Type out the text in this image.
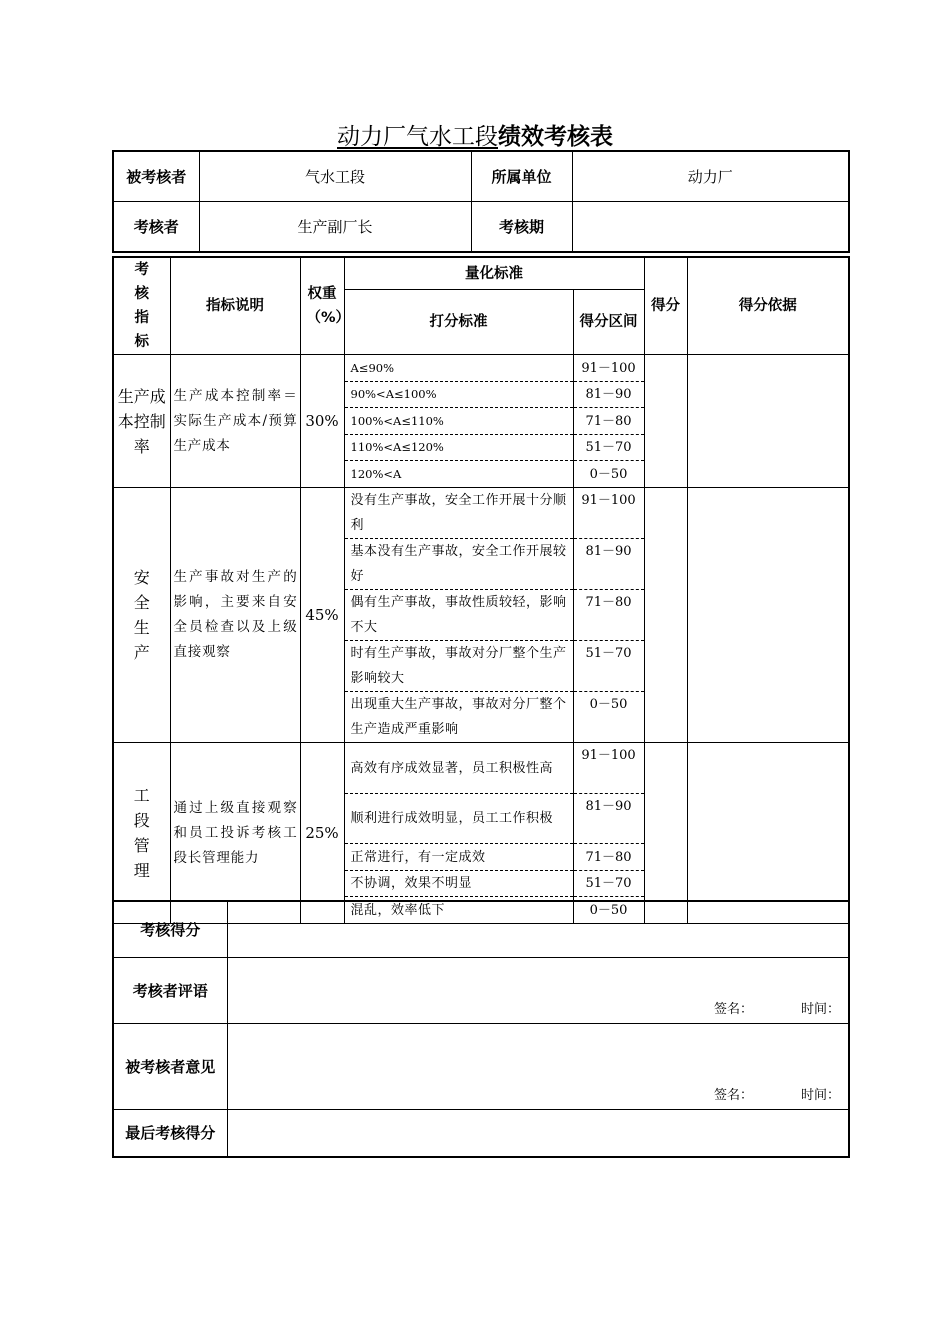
动力厂气水工段绩效考核表
被考核者	气水工段	所属单位	动力厂
考核者	生产副厂长	考核期	
考核指标	指标说明	权重（%）	量化标准		得分	得分依据
			打分标准	得分区间		
生产成本控制率	生产成本控制率＝实际生产成本/预算生产成本	30%	A≤90%	91－100		
			90%<A≤100%	81－90		
			100%<A≤110%	71－80		
			110%<A≤120%	51－70		
			120%<A	0－50		
安全生产	生产事故对生产的影响，主要来自安全员检查以及上级直接观察	45%	没有生产事故，安全工作开展十分顺利	91－100		
			基本没有生产事故，安全工作开展较好	81－90		
			偶有生产事故，事故性质较轻，影响不大	71－80		
			时有生产事故，事故对分厂整个生产影响较大	51－70		
			出现重大生产事故，事故对分厂整个生产造成严重影响	0－50		
工段管理	通过上级直接观察和员工投诉考核工段长管理能力	25%	高效有序成效显著，员工积极性高	91－100		
			顺利进行成效明显，员工工作积极	81－90		
			正常进行，有一定成效	71－80		
			不协调，效果不明显	51－70		
			混乱，效率低下	0－50		
考核得分	
考核者评语	签名： 时间：

被考核者意见	签名： 时间：

最后考核得分	
